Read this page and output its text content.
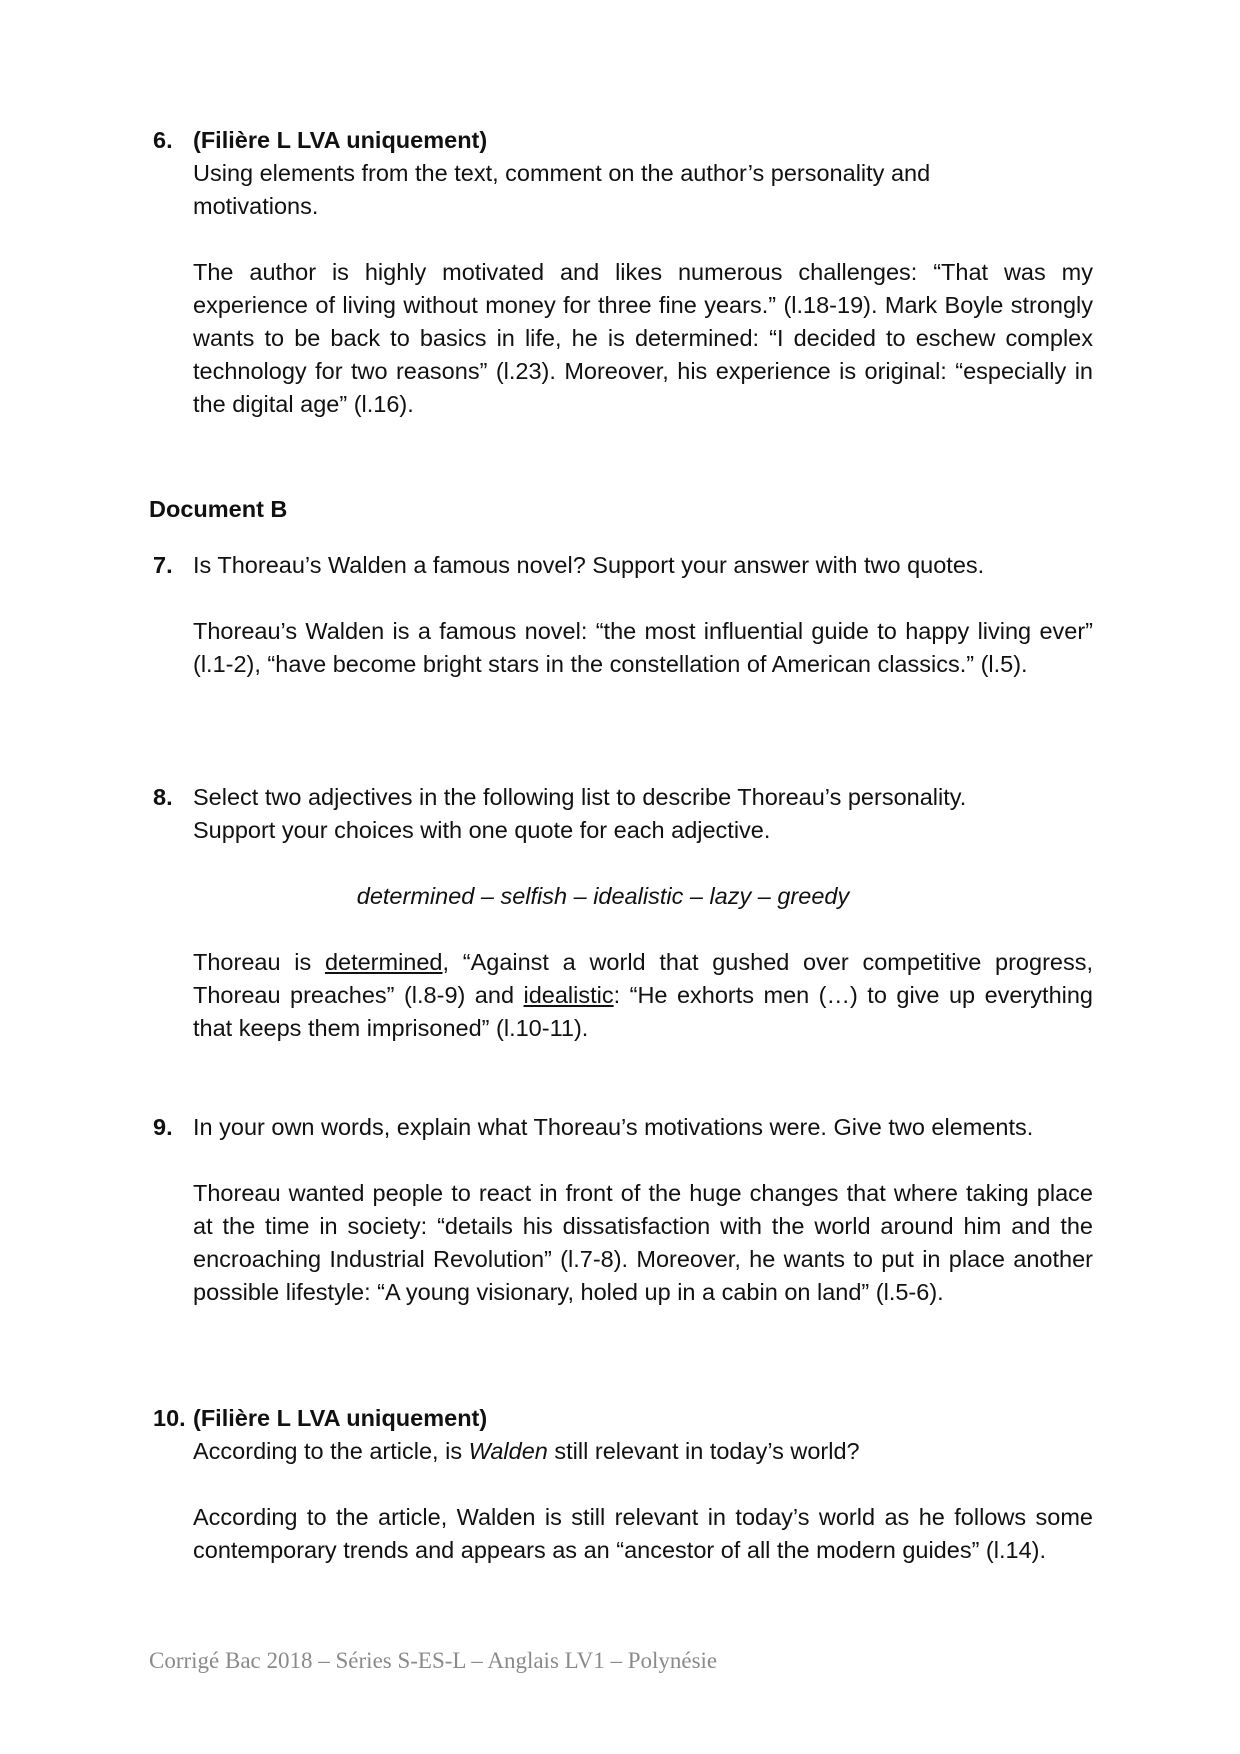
6. (Filière L LVA uniquement)
Using elements from the text, comment on the author’s personality and motivations.
The author is highly motivated and likes numerous challenges: “That was my experience of living without money for three fine years.” (l.18-19). Mark Boyle strongly wants to be back to basics in life, he is determined: “I decided to eschew complex technology for two reasons” (l.23). Moreover, his experience is original: “especially in the digital age” (l.16).
Document B
7. Is Thoreau’s Walden a famous novel? Support your answer with two quotes.
Thoreau’s Walden is a famous novel: “the most influential guide to happy living ever” (l.1-2), “have become bright stars in the constellation of American classics.” (l.5).
8. Select two adjectives in the following list to describe Thoreau’s personality.
Support your choices with one quote for each adjective.
determined – selfish – idealistic – lazy – greedy
Thoreau is determined, “Against a world that gushed over competitive progress, Thoreau preaches” (l.8-9) and idealistic: “He exhorts men (…) to give up everything that keeps them imprisoned” (l.10-11).
9. In your own words, explain what Thoreau’s motivations were. Give two elements.
Thoreau wanted people to react in front of the huge changes that where taking place at the time in society: “details his dissatisfaction with the world around him and the encroaching Industrial Revolution” (l.7-8). Moreover, he wants to put in place another possible lifestyle: “A young visionary, holed up in a cabin on land” (l.5-6).
10. (Filière L LVA uniquement)
According to the article, is Walden still relevant in today’s world?
According to the article, Walden is still relevant in today’s world as he follows some contemporary trends and appears as an “ancestor of all the modern guides” (l.14).
Corrigé Bac 2018 – Séries S-ES-L – Anglais LV1 – Polynésie
